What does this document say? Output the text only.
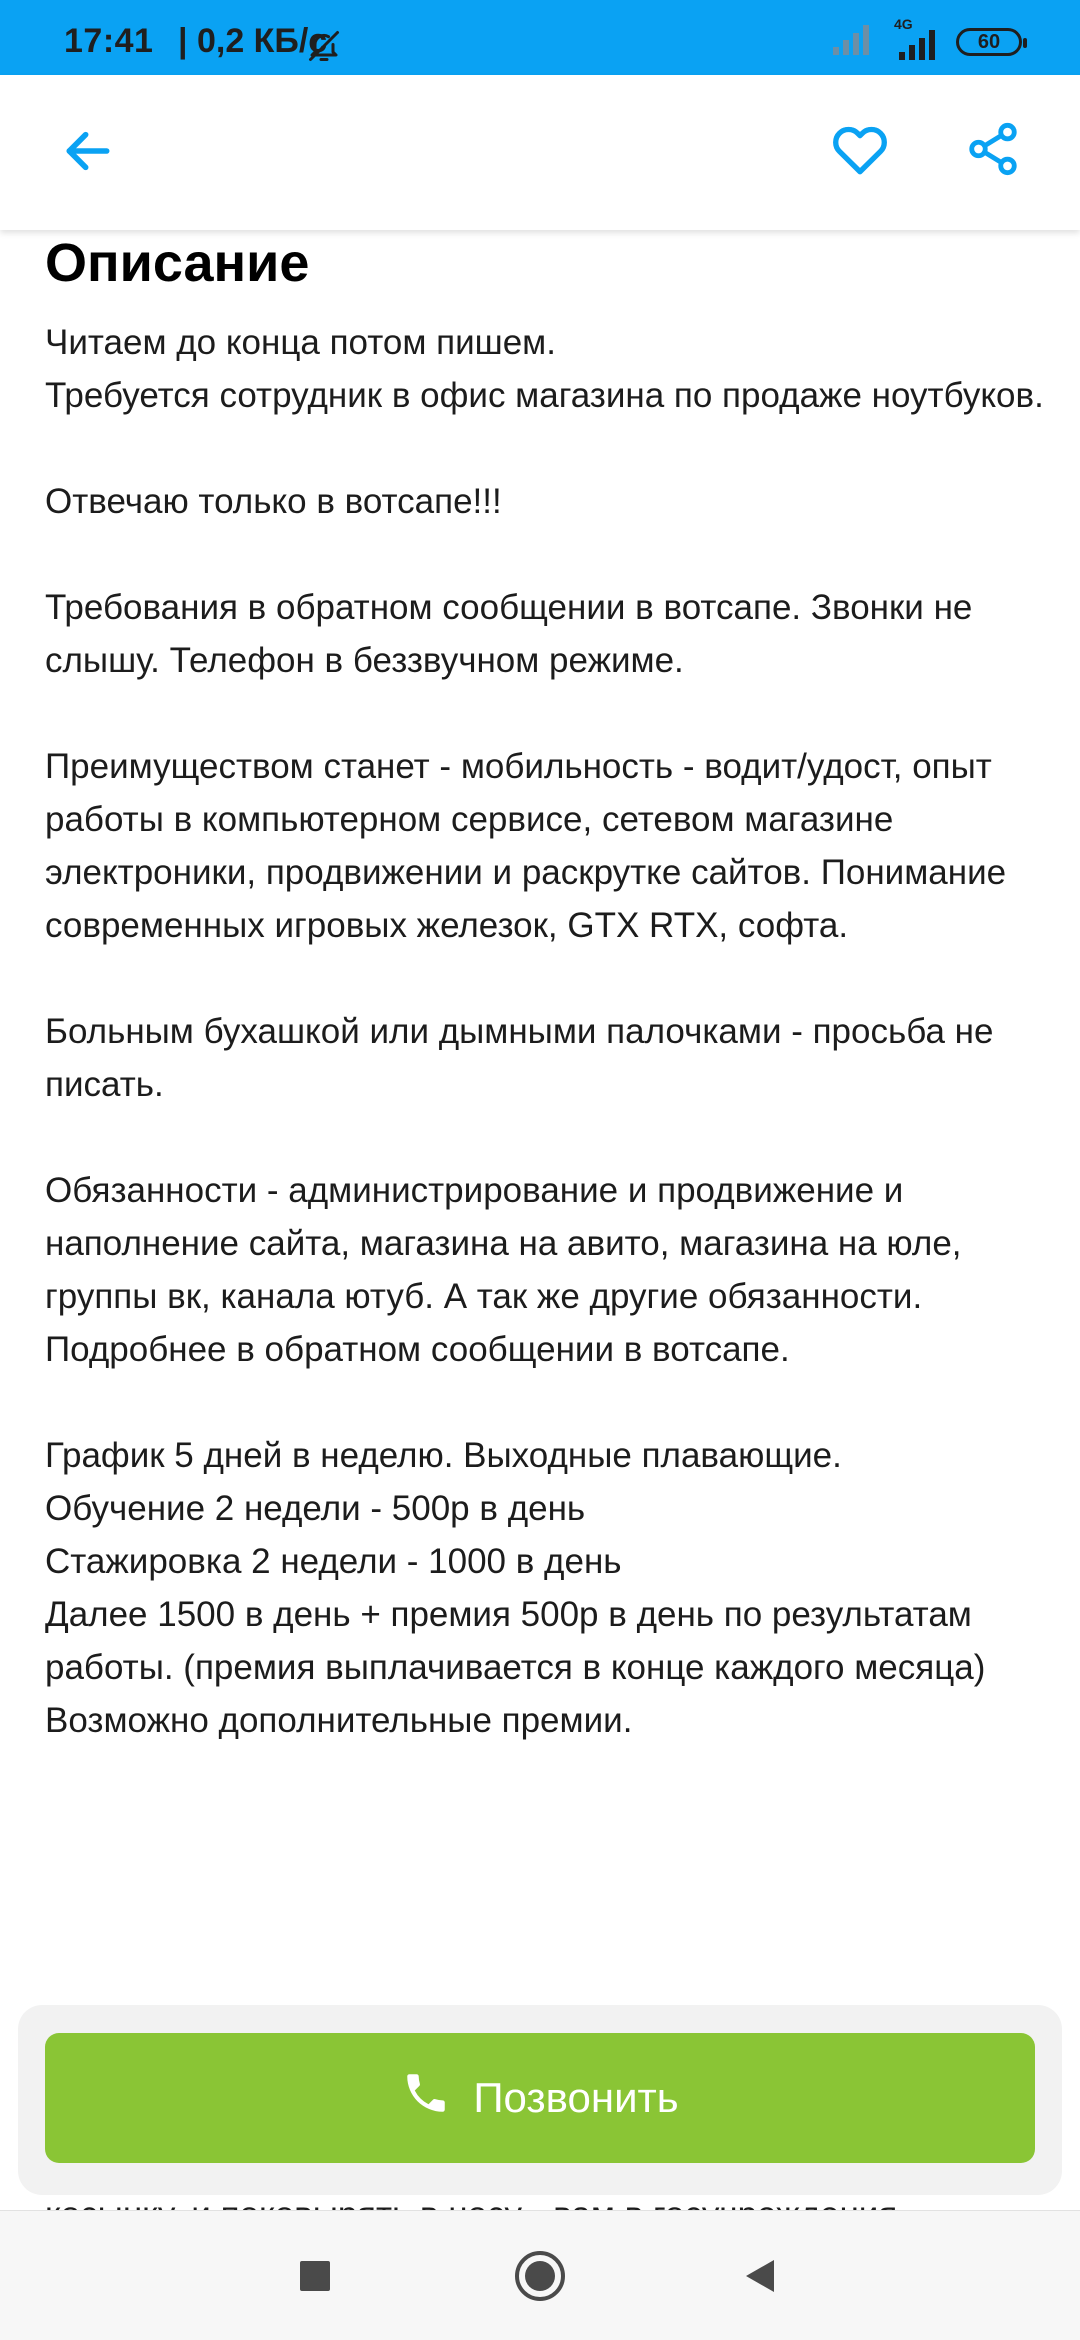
17:41 | 0,2 КБ/с	4G
60
Описание
Читаем до конца потом пишем.
Требуется сотрудник в офис магазина по продаже ноутбуков.

Отвечаю только в вотсапе!!!

Требования в обратном сообщении в вотсапе. Звонки не слышу. Телефон в беззвучном режиме.

Преимуществом станет - мобильность - водит/удост, опыт работы в компьютерном сервисе, сетевом магазине электроники, продвижении и раскрутке сайтов. Понимание современных игровых железок, GTX RTX, софта.

Больным бухашкой или дымными палочками - просьба не писать.

Обязанности - администрирование и продвижение и наполнение сайта, магазина на авито, магазина на юле, группы вк, канала ютуб. А так же другие обязанности. Подробнее в обратном сообщении в вотсапе.

График 5 дней в неделю. Выходные плавающие.
Обучение 2 недели - 500р в день
Стажировка 2 недели - 1000 в день
Далее 1500 в день + премия 500р в день по результатам работы. (премия выплачивается в конце каждого месяца)
Возможно дополнительные премии.
Позвонить
